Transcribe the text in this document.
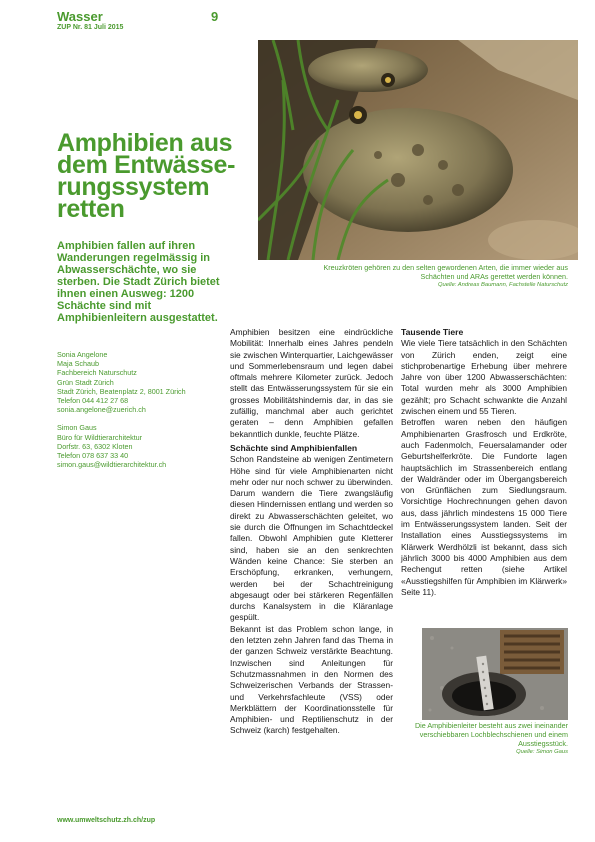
Wasser	9
ZUP Nr. 81 Juli 2015
Kreuzkröten gehören zu den selten gewordenen Arten, die immer wieder aus Schächten und ARAs gerettet werden können.
Quelle: Andreas Baumann, Fachstelle Naturschutz
Amphibien aus dem Entwässe-rungssystem retten
Amphibien fallen auf ihren Wanderungen regelmässig in Abwasserschächte, wo sie sterben. Die Stadt Zürich bietet ihnen einen Ausweg: 1200 Schächte sind mit Amphibienleitern ausgestattet.
Sonia Angelone
Maja Schaub
Fachbereich Naturschutz
Grün Stadt Zürich
Stadt Zürich, Beatenplatz 2, 8001 Zürich
Telefon 044 412 27 68
sonia.angelone@zuerich.ch
Simon Gaus
Büro für Wildtierarchitektur
Dorfstr. 63, 6302 Kloten
Telefon 078 637 33 40
simon.gaus@wildtierarchitektur.ch

Amphibien besitzen eine eindrückliche Mobilität: Innerhalb eines Jahres pendeln sie zwischen Winterquartier, Laichgewässer und Sommerlebensraum und legen dabei oftmals mehrere Kilometer zurück. Jedoch stellt das Entwässerungssystem für sie ein grosses Mobilitätshindernis dar, in das sie zufällig, manchmal aber auch gerichtet geraten – denn Amphibien gefallen bekanntlich dunkle, feuchte Plätze.

Schächte sind Amphibienfallen

Schon Randsteine ab wenigen Zentimetern Höhe sind für viele Amphibienarten nicht mehr oder nur noch schwer zu überwinden. Darum wandern die Tiere zwangsläufig diesen Hindernissen entlang und werden so direkt zu Abwasserschächten geleitet, wo sie durch die Öffnungen im Schachtdeckel fallen. Obwohl Amphibien gute Kletterer sind, haben sie an den senkrechten Wänden keine Chance: Sie sterben an Erschöpfung, erkranken, verhungern, werden bei der Schachtreinigung abgesaugt oder bei stärkeren Regenfällen durchs Kanalsystem in die Kläranlage gespült.

Bekannt ist das Problem schon lange, in den letzten zehn Jahren fand das Thema in der ganzen Schweiz verstärkte Beachtung. Inzwischen sind Anleitungen für Schutzmassnahmen in den Normen des Schweizerischen Verbands der Strassen- und Verkehrsfachleute (VSS) oder Merkblättern der Koordinationsstelle für Amphibien- und Reptilienschutz in der Schweiz (karch) festgehalten.

Tausende Tiere

Wie viele Tiere tatsächlich in den Schächten von Zürich enden, zeigt eine stichprobenartige Erhebung über mehrere Jahre von über 1200 Abwasserschächten: Total wurden mehr als 3000 Amphibien gezählt; pro Schacht schwankte die Anzahl zwischen einem und 55 Tieren.

Betroffen waren neben den häufigen Amphibienarten Grasfrosch und Erdkröte, auch Fadenmolch, Feuersalamander oder Geburtshelferkröte. Die Fundorte lagen hauptsächlich im Strassenbereich entlang der Waldränder oder im Übergangsbereich von Grünflächen zum Siedlungsraum. Vorsichtige Hochrechnungen gehen davon aus, dass jährlich mindestens 15 000 Tiere im Entwässerungssystem landen. Seit der Installation eines Ausstiegssystems im Klärwerk Werdhölzli ist bekannt, dass sich jährlich 3000 bis 4000 Amphibien aus dem Rechengut retten (siehe Artikel «Ausstiegshilfen für Amphibien im Klärwerk» Seite 11).

Die Amphibienleiter besteht aus zwei ineinander verschiebbaren Lochblechschienen und einem Ausstiegsstück.
Quelle: Simon Gaus
www.umweltschutz.zh.ch/zup
